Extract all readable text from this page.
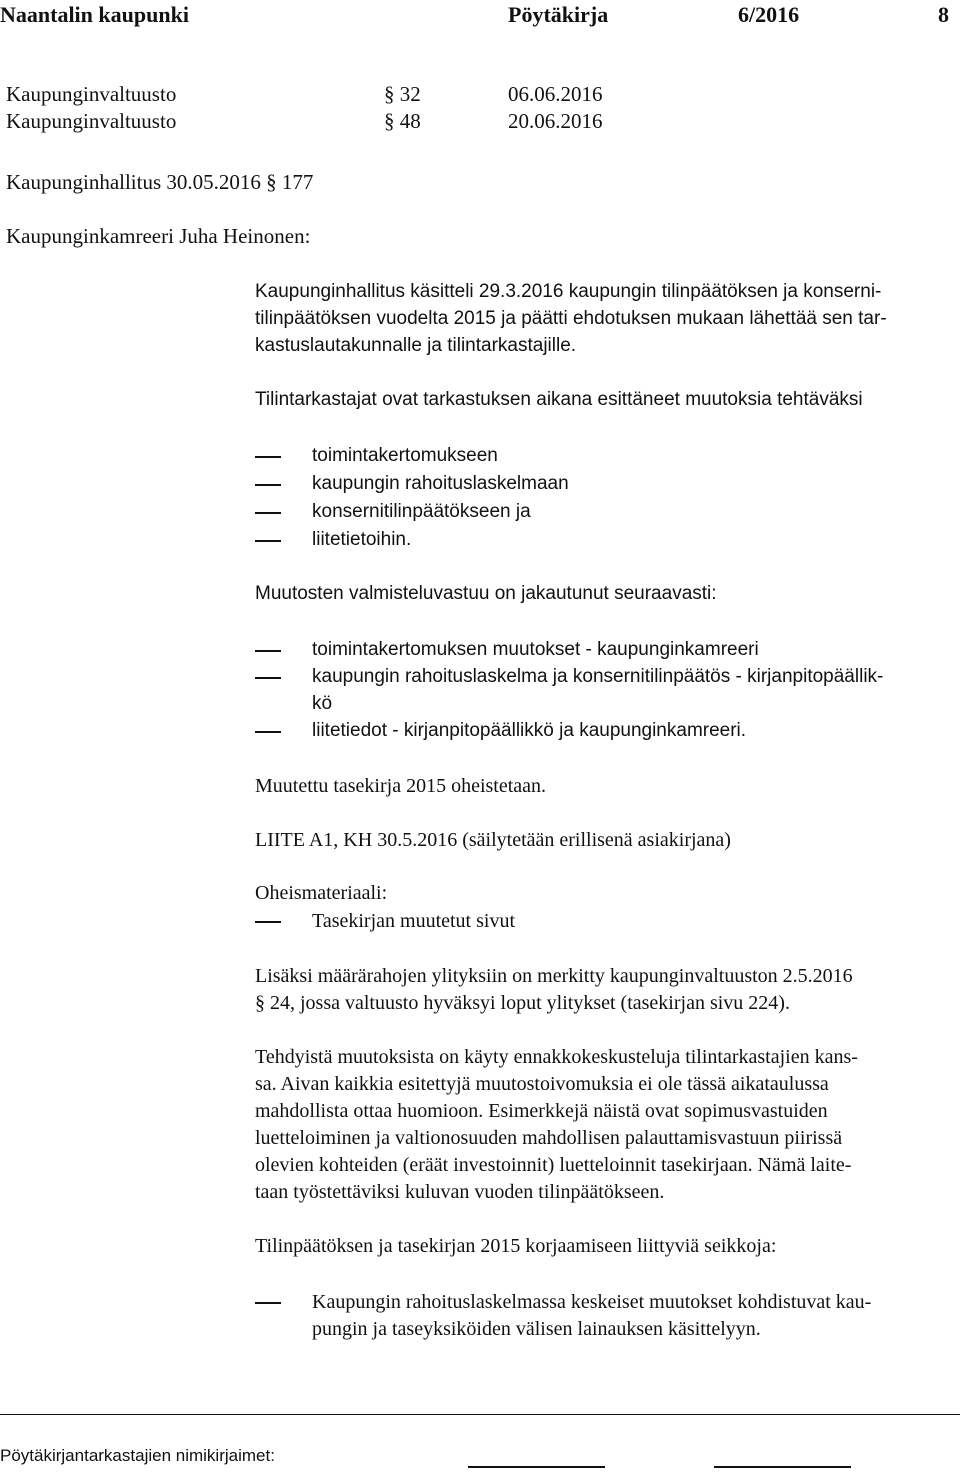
Naantalin kaupunki	Pöytäkirja	6/2016	8
Kaupunginvaltuusto	§ 32	06.06.2016
Kaupunginvaltuusto	§ 48	20.06.2016
Kaupunginhallitus 30.05.2016 § 177
Kaupunginkamreeri Juha Heinonen:
Kaupunginhallitus käsitteli 29.3.2016 kaupungin tilinpäätöksen ja konserni-
tilinpäätöksen vuodelta 2015 ja päätti ehdotuksen mukaan lähettää sen tar-
kastuslautakunnalle ja tilintarkastajille.
Tilintarkastajat ovat tarkastuksen aikana esittäneet muutoksia tehtäväksi
toimintakertomukseen
kaupungin rahoituslaskelmaan
konsernitilinpäätökseen ja
liitetietoihin.
Muutosten valmisteluvastuu on jakautunut seuraavasti:
toimintakertomuksen muutokset - kaupunginkamreeri
kaupungin rahoituslaskelma ja konsernitilinpäätös - kirjanpitopäällik-
kö
liitetiedot - kirjanpitopäällikkö ja kaupunginkamreeri.
Muutettu tasekirja 2015 oheistetaan.
LIITE A1, KH 30.5.2016 (säilytetään erillisenä asiakirjana)
Oheismateriaali:
Tasekirjan muutetut sivut
Lisäksi määrärahojen ylityksiin on merkitty kaupunginvaltuuston 2.5.2016
§ 24, jossa valtuusto hyväksyi loput ylitykset (tasekirjan sivu 224).
Tehdyistä muutoksista on käyty ennakkokeskusteluja tilintarkastajien kans-
sa. Aivan kaikkia esitettyjä muutostoivomuksia ei ole tässä aikataulussa
mahdollista ottaa huomioon. Esimerkkejä näistä ovat sopimusvastuiden
luetteloiminen ja valtionosuuden mahdollisen palauttamisvastuun piirissä
olevien kohteiden (eräät investoinnit) luetteloinnit tasekirjaan. Nämä laite-
taan työstettäviksi kuluvan vuoden tilinpäätökseen.
Tilinpäätöksen ja tasekirjan 2015 korjaamiseen liittyviä seikkoja:
Kaupungin rahoituslaskelmassa keskeiset muutokset kohdistuvat kau-
pungin ja taseyksiköiden välisen lainauksen käsittelyyn.
Pöytäkirjantarkastajien nimikirjaimet:
